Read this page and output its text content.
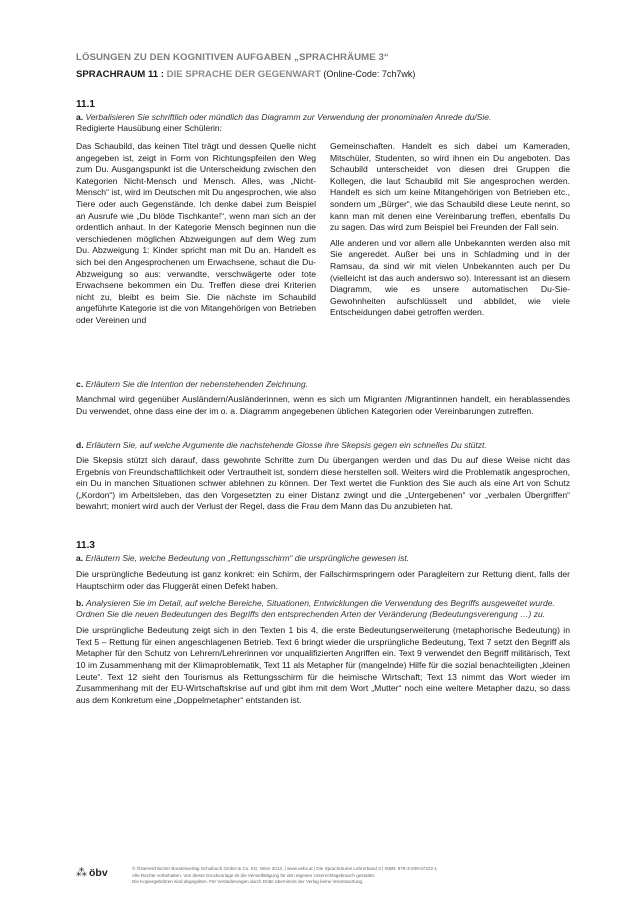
LÖSUNGEN ZU DEN KOGNITIVEN AUFGABEN „SPRACHRÄUME 3“
SPRACHRAUM 11 : DIE SPRACHE DER GEGENWART (Online-Code: 7ch7wk)
11.1
a. Verbalisieren Sie schriftlich oder mündlich das Diagramm zur Verwendung der pronominalen Anrede du/Sie.
Redigierte Hausübung einer Schülerin:

Das Schaubild, das keinen Titel trägt und dessen Quelle nicht angegeben ist, zeigt in Form von Richtungspfeilen den Weg zum Du. Ausgangspunkt ist die Unterscheidung zwischen den Kategorien Nicht-Mensch und Mensch. Alles, was „Nicht-Mensch“ ist, wird im Deutschen mit Du angesprochen, wie also Tiere oder auch Gegenstände. Ich denke dabei zum Beispiel an Ausrufe wie „Du blöde Tischkante!“, wenn man sich an der ordentlich anhaut. In der Kategorie Mensch beginnen nun die verschiedenen möglichen Abzweigungen auf dem Weg zum Du. Abzweigung 1: Kinder spricht man mit Du an. Handelt es sich bei den Angesprochenen um Erwachsene, schaut die Du-Abzweigung so aus: verwandte, verschwägerte oder tote Erwachsene bekommen ein Du. Treffen diese drei Kriterien nicht zu, bleibt es beim Sie. Die nächste im Schaubild angeführte Kategorie ist die von Mitangehörigen von Betrieben oder Vereinen und

Gemeinschaften. Handelt es sich dabei um Kameraden, Mitschüler, Studenten, so wird ihnen ein Du angeboten. Das Schaubild unterscheidet von diesen drei Gruppen die Kollegen, die laut Schaubild mit Sie angesprochen werden. Handelt es sich um keine Mitangehörigen von Betrieben etc., sondern um „Bürger“, wie das Schaubild diese Leute nennt, so kann man mit denen eine Vereinbarung treffen, ebenfalls Du zu sagen. Das wird zum Beispiel bei Freunden der Fall sein.

Alle anderen und vor allem alle Unbekannten werden also mit Sie angeredet. Außer bei uns in Schladming und in der Ramsau, da sind wir mit vielen Unbekannten auch per Du (vielleicht ist das auch anderswo so). Interessant ist an diesem Diagramm, wie es unsere automatischen Du-Sie-Gewohnheiten aufschlüsselt und abbildet, wie viele Entscheidungen dabei getroffen werden.

c. Erläutern Sie die Intention der nebenstehenden Zeichnung.

Manchmal wird gegenüber Ausländern/Ausländerinnen, wenn es sich um Migranten /Migrantinnen handelt, ein herablassendes Du verwendet, ohne dass eine der im o. a. Diagramm angegebenen üblichen Kategorien oder Vereinbarungen zutreffen.

d. Erläutern Sie, auf welche Argumente die nachstehende Glosse ihre Skepsis gegen ein schnelles Du stützt.

Die Skepsis stützt sich darauf, dass gewohnte Schritte zum Du übergangen werden und das Du auf diese Weise nicht das Ergebnis von Freundschaftlichkeit oder Vertrautheit ist, sondern diese herstellen soll. Weiters wird die Problematik angesprochen, ein Du in manchen Situationen schwer ablehnen zu können. Der Text wertet die Funktion des Sie auch als eine Art von Schutz („Kordon“) im Arbeitsleben, das den Vorgesetzten zu einer Distanz zwingt und die „Untergebenen“ vor „verbalen Übergriffen“ bewahrt; moniert wird auch der Verlust der Regel, dass die Frau dem Mann das Du anzubieten hat.

11.3
a. Erläutern Sie, welche Bedeutung von „Rettungsschirm“ die ursprüngliche gewesen ist.

Die ursprüngliche Bedeutung ist ganz konkret: ein Schirm, der Fallschirmspringern oder Paragleitern zur Rettung dient, falls der Hauptschirm oder das Fluggerät einen Defekt haben.

b. Analysieren Sie im Detail, auf welche Bereiche, Situationen, Entwicklungen die Verwendung des Begriffs ausgeweitet wurde. Ordnen Sie die neuen Bedeutungen des Begriffs den entsprechenden Arten der Veränderung (Bedeutungsverengung …) zu.

Die ursprüngliche Bedeutung zeigt sich in den Texten 1 bis 4, die erste Bedeutungserweiterung (metaphorische Bedeutung) in Text 5 – Rettung für einen angeschlagenen Betrieb. Text 6 bringt wieder die ursprüngliche Bedeutung, Text 7 setzt den Begriff als Metapher für den Schutz von Lehrern/Lehrerinnen vor unqualifizierten Angriffen ein. Text 9 verwendet den Begriff militärisch, Text 10 im Zusammenhang mit der Klimaproblematik, Text 11 als Metapher für (mangelnde) Hilfe für die sozial benachteiligten „kleinen Leute“. Text 12 sieht den Tourismus als Rettungsschirm für die heimische Wirtschaft; Text 13 nimmt das Wort wieder im Zusammenhang mit der EU-Wirtschaftskrise auf und gibt ihm mit dem Wort „Mutter“ noch eine weitere Metapher dazu, so dass aus dem Konkretum eine „Doppelmetapher“ entstanden ist.

⁂ öbv	© Österreichischer Bundesverlag Schulbuch GmbH & Co. KG, Wien 2013. | www.oebv.at | Die Sprachräume Lehrerband 3 | ISBN: 978-3-209-07222-1
Alle Rechte vorbehalten. Von dieser Druckvorlage ist die Vervielfältigung für den eigenen Unterrichtsgebrauch gestattet.
Die Kopiergebühren sind abgegolten. Für Veränderungen durch Dritte übernimmt der Verlag keine Verantwortung.
